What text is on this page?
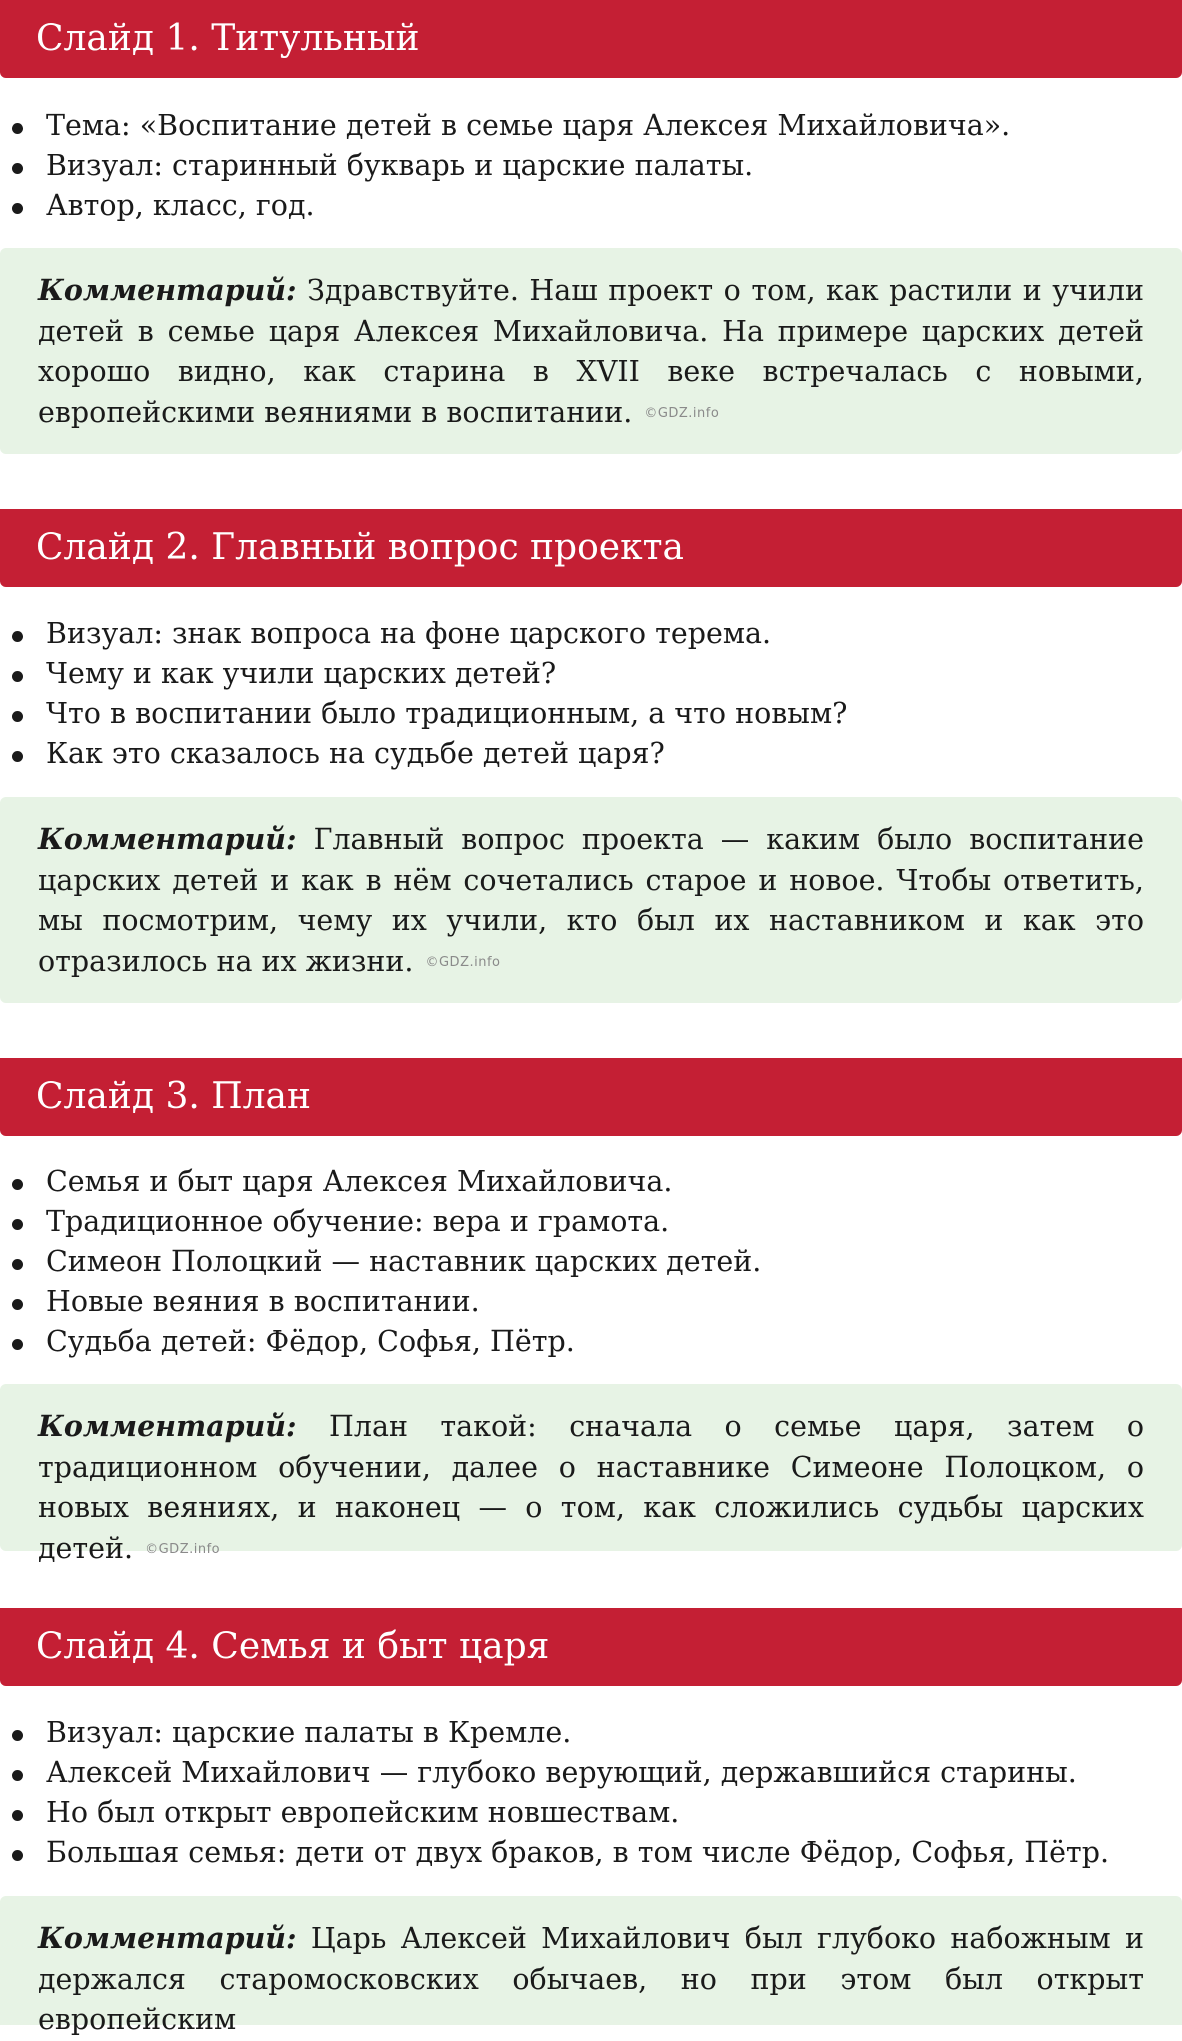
Слайд 1. Титульный
Тема: «Воспитание детей в семье царя Алексея Михайловича».
Визуал: старинный букварь и царские палаты.
Автор, класс, год.

Комментарий: Здравствуйте. Наш проект о том, как растили и учили детей в семье царя Алексея Михайловича. На примере царских детей хорошо видно, как старина в XVII веке встречалась с новыми, европейскими веяниями в воспитании. ©GDZ.info

Слайд 2. Главный вопрос проекта
Визуал: знак вопроса на фоне царского терема.
Чему и как учили царских детей?
Что в воспитании было традиционным, а что новым?
Как это сказалось на судьбе детей царя?

Комментарий: Главный вопрос проекта — каким было воспитание царских детей и как в нём сочетались старое и новое. Чтобы ответить, мы посмотрим, чему их учили, кто был их наставником и как это отразилось на их жизни. ©GDZ.info

Слайд 3. План
Семья и быт царя Алексея Михайловича.
Традиционное обучение: вера и грамота.
Симеон Полоцкий — наставник царских детей.
Новые веяния в воспитании.
Судьба детей: Фёдор, Софья, Пётр.

Комментарий: План такой: сначала о семье царя, затем о традиционном обучении, далее о наставнике Симеоне Полоцком, о новых веяниях, и наконец — о том, как сложились судьбы царских детей. ©GDZ.info

Слайд 4. Семья и быт царя
Визуал: царские палаты в Кремле.
Алексей Михайлович — глубоко верующий, державшийся старины.
Но был открыт европейским новшествам.
Большая семья: дети от двух браков, в том числе Фёдор, Софья, Пётр.

Комментарий: Царь Алексей Михайлович был глубоко набожным и держался старомосковских обычаев, но при этом был открыт европейским
